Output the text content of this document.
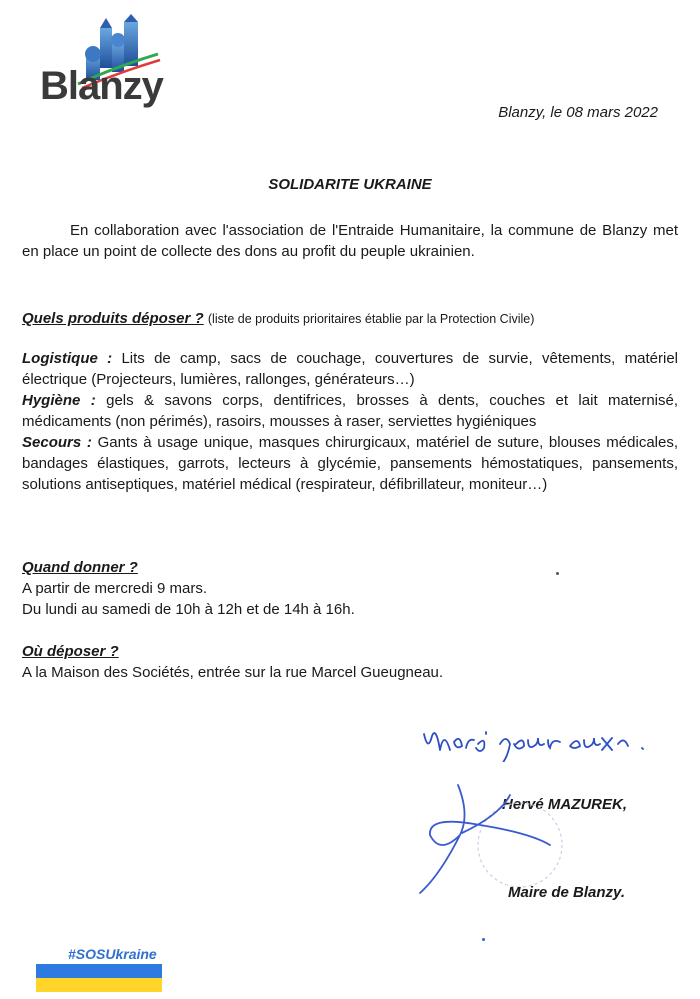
Blanzy
Blanzy, le 08 mars 2022
SOLIDARITE UKRAINE
En collaboration avec l'association de l'Entraide Humanitaire, la commune de Blanzy met en place un point de collecte des dons au profit du peuple ukrainien.
Quels produits déposer ? (liste de produits prioritaires établie par la Protection Civile)

Logistique : Lits de camp, sacs de couchage, couvertures de survie, vêtements, matériel électrique (Projecteurs, lumières, rallonges, générateurs…)

Hygiène : gels & savons corps, dentifrices, brosses à dents, couches et lait maternisé, médicaments (non périmés), rasoirs, mousses à raser, serviettes hygiéniques

Secours : Gants à usage unique, masques chirurgicaux, matériel de suture, blouses médicales, bandages élastiques, garrots, lecteurs à glycémie, pansements hémostatiques, pansements, solutions antiseptiques, matériel médical (respirateur, défibrillateur, moniteur…)

Quand donner ?
A partir de mercredi 9 mars.
Du lundi au samedi de 10h à 12h et de 14h à 16h.
Où déposer ?
A la Maison des Sociétés, entrée sur la rue Marcel Gueugneau.
Hervé MAZUREK,
Maire de Blanzy.
#SOSUkraine
